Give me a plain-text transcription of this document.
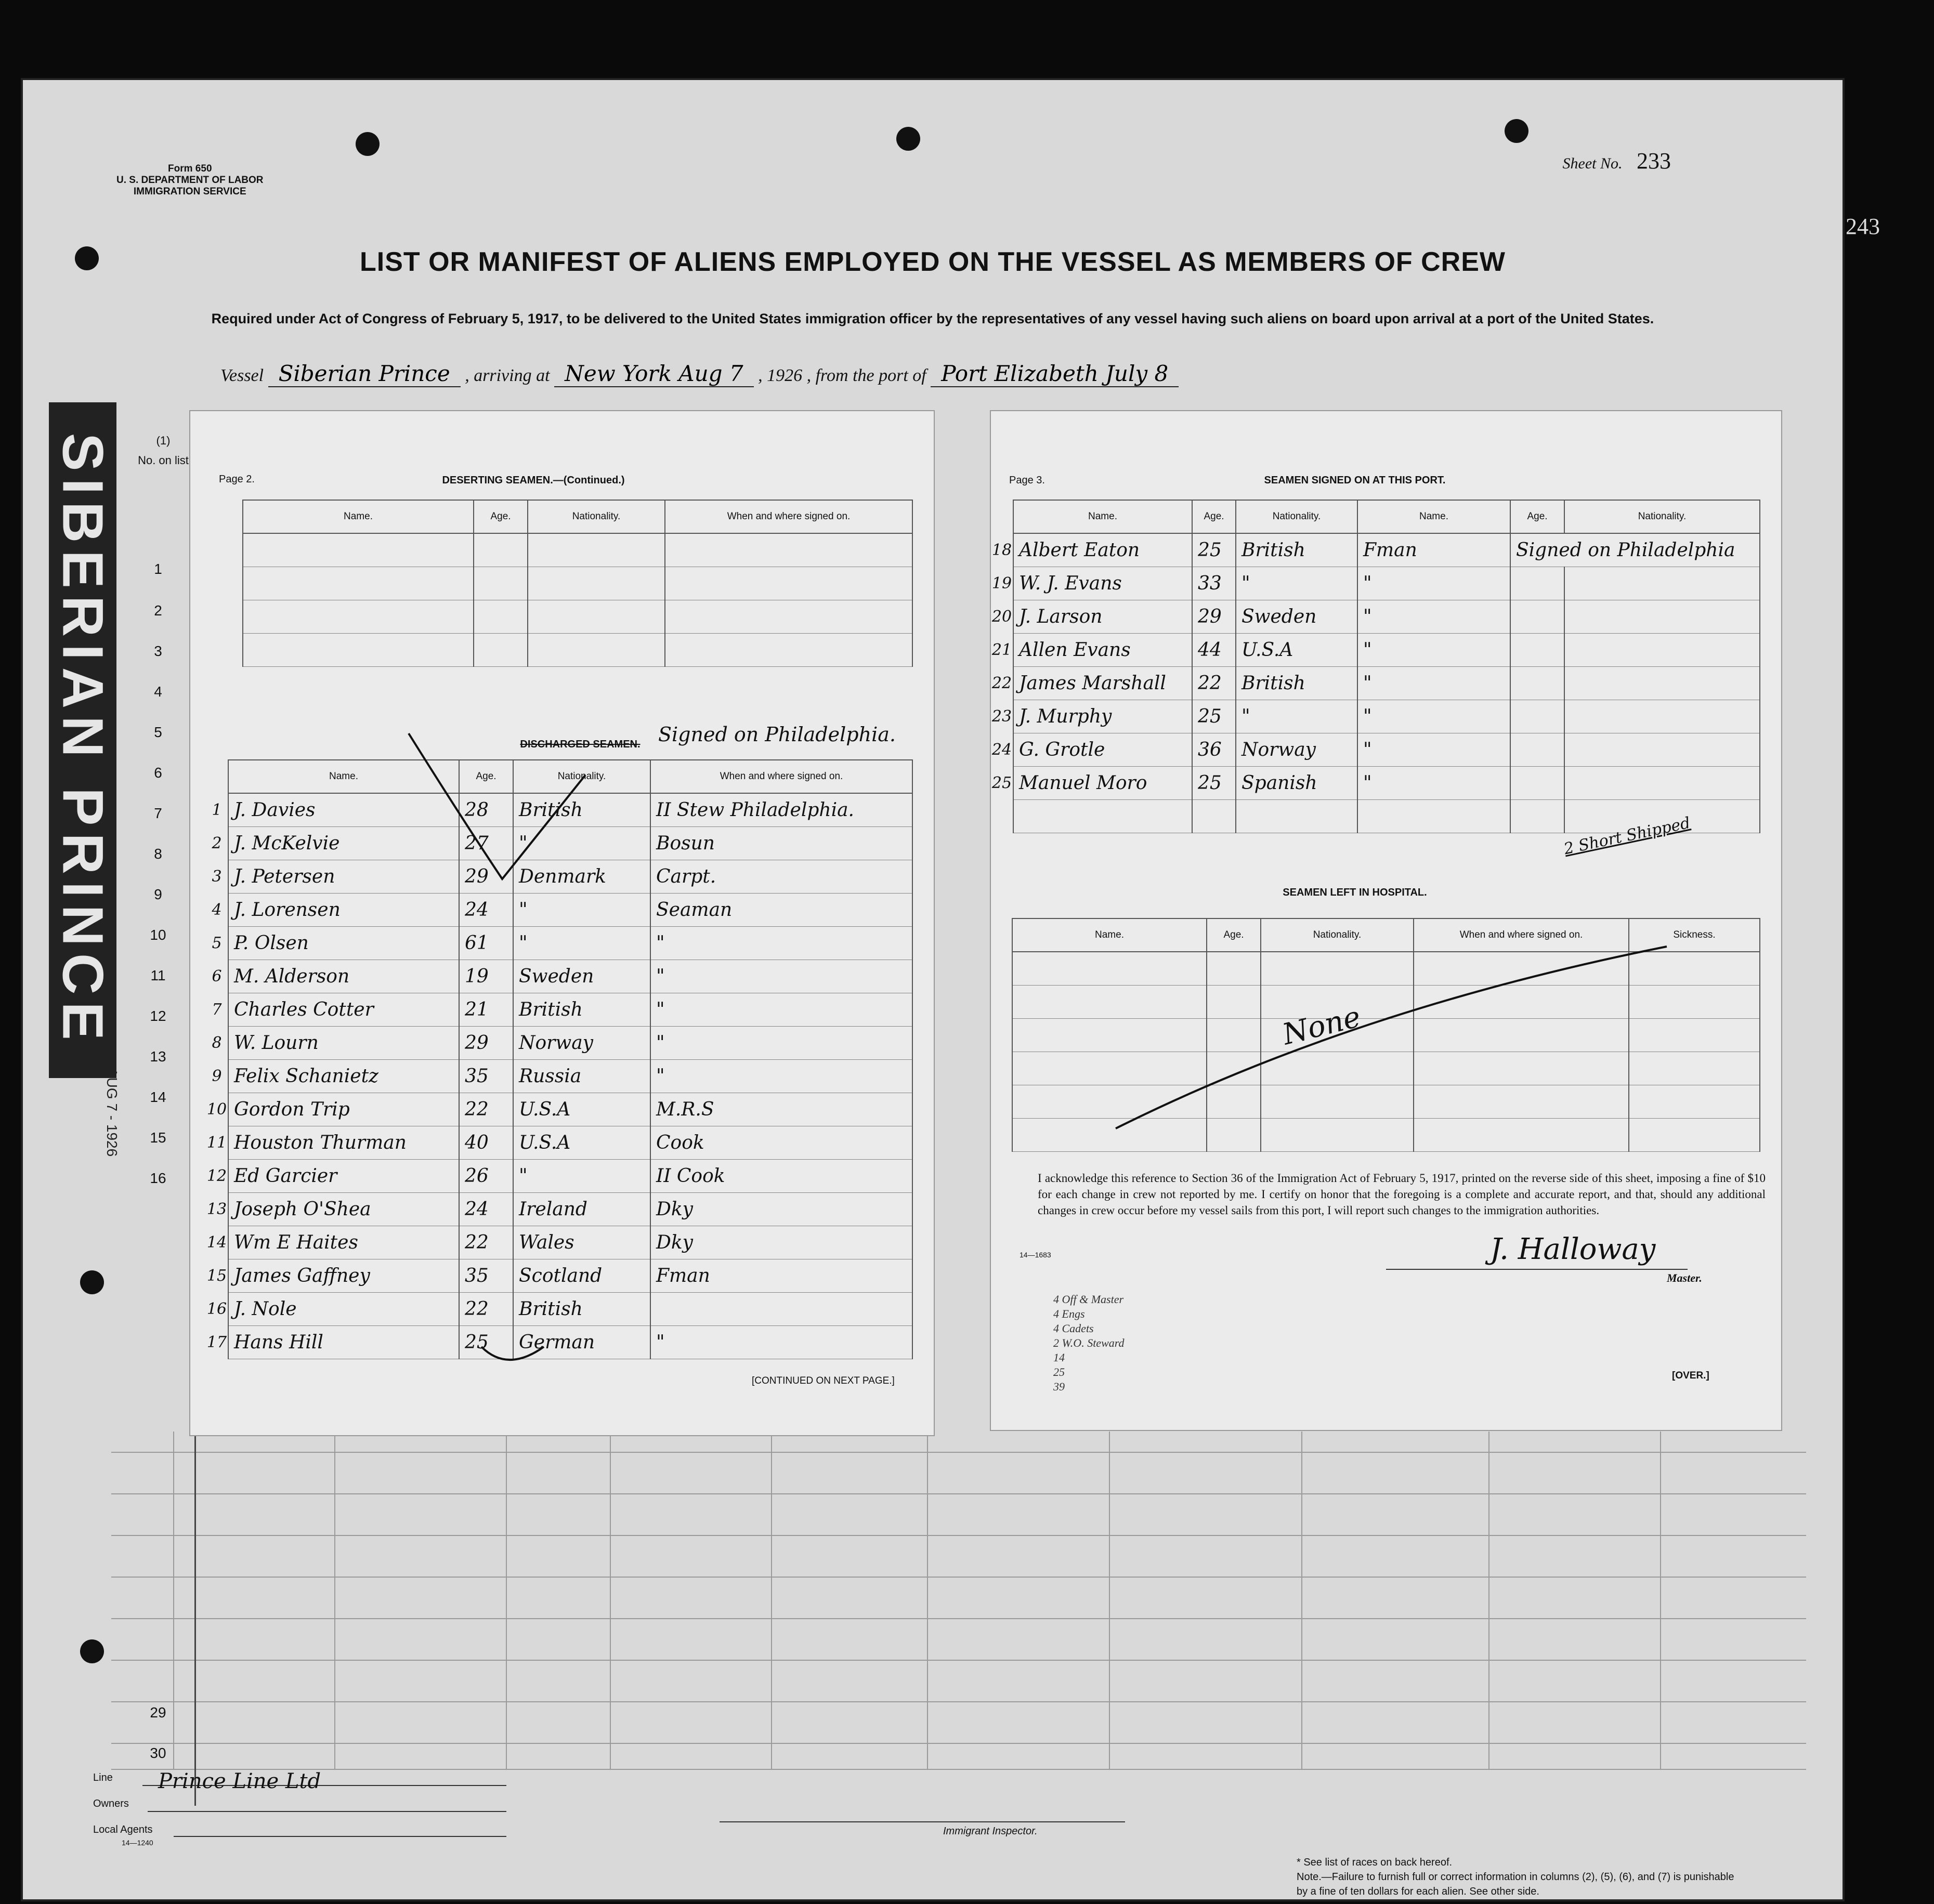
Form 650
U. S. DEPARTMENT OF LABOR
IMMIGRATION SERVICE
Sheet No. 233
LIST OR MANIFEST OF ALIENS EMPLOYED ON THE VESSEL AS MEMBERS OF CREW
Required under Act of Congress of February 5, 1917, to be delivered to the United States immigration officer by the representatives of any vessel having such aliens on board upon arrival at a port of the United States.
Vessel Siberian Prince , arriving at New York Aug 7 , 1926 , from the port of Port Elizabeth July 8
SIBERIAN PRINCE
AUG 7 - 1926
(1)
No. on list
1
2
3
4
5
6
7
8
9
10
11
12
13
14
15
16
29
30
Page 2.	DESERTING SEAMEN.—(Continued.)
Name.	Age.	Nationality.	When and where signed on.

DISCHARGED SEAMEN. Signed on Philadelphia.
	Name.	Age.	Nationality.	When and where signed on.
1	J. Davies	28	British	II Stew Philadelphia.
2	J. McKelvie	27	"	Bosun
3	J. Petersen	29	Denmark	Carpt.
4	J. Lorensen	24	"	Seaman
5	P. Olsen	61	"	"
6	M. Alderson	19	Sweden	"
7	Charles Cotter	21	British	"
8	W. Lourn	29	Norway	"
9	Felix Schanietz	35	Russia	"
10	Gordon Trip	22	U.S.A	M.R.S
11	Houston Thurman	40	U.S.A	Cook
12	Ed Garcier	26	"	II Cook
13	Joseph O'Shea	24	Ireland	Dky
14	Wm E Haites	22	Wales	Dky
15	James Gaffney	35	Scotland	Fman
16	J. Nole	22	British	
17	Hans Hill	25	German	"
[CONTINUED ON NEXT PAGE.]
Page 3.	SEAMEN SIGNED ON AT THIS PORT.
	Name.	Age.	Nationality.	Name.	Age.	Nationality.
18	Albert Eaton	25	British	Fman	Signed on Philadelphia	
19	W. J. Evans	33	"	"		
20	J. Larson	29	Sweden	"		
21	Allen Evans	44	U.S.A	"		
22	James Marshall	22	British	"		
23	J. Murphy	25	"	"		
24	G. Grotle	36	Norway	"		
25	Manuel Moro	25	Spanish	"		

2 Short Shipped
SEAMEN LEFT IN HOSPITAL.
Name.	Age.	Nationality.	When and where signed on.	Sickness.

None
I acknowledge this reference to Section 36 of the Immigration Act of February 5, 1917, printed on the reverse side of this sheet, imposing a fine of $10 for each change in crew not reported by me. I certify on honor that the foregoing is a complete and accurate report, and that, should any additional changes in crew occur before my vessel sails from this port, I will report such changes to the immigration authorities.
14—1683	J. Halloway
Master.
4 Off & Master
4 Engs
4 Cadets
2 W.O. Steward
14
25
39
[OVER.]
Line
Owners
Prince Line Ltd
Local Agents
14—1240
Immigrant Inspector.
* See list of races on back hereof.
Note.—Failure to furnish full or correct information in columns (2), (5), (6), and (7) is punishable by a fine of ten dollars for each alien. See other side.
243
